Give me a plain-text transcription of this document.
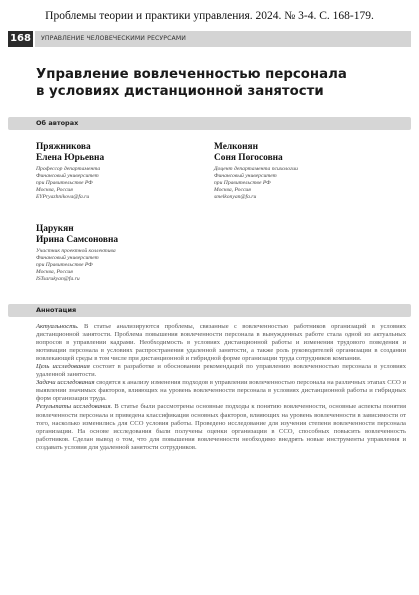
Проблемы теории и практики управления. 2024. № 3-4. С. 168-179.
168	УПРАВЛЕНИЕ ЧЕЛОВЕЧЕСКИМИ РЕСУРСАМИ
Управление вовлеченностью персонала
в условиях дистанционной занятости
Об авторах
Пряжникова
Елена Юрьевна
Профессор департамента
Финансовый университет
при Правительстве РФ
Москва, Россия
EYPryazhnikova@fa.ru
Мелконян
Соня Погосовна
Доцент департамента психологии
Финансовый университет
при Правительстве РФ
Москва, Россия
smelkonyan@fa.ru
Царукян
Ирина Самсоновна
Участник проектной коллектива
Финансовый университет
при Правительстве РФ
Москва, Россия
ISTsarukyan@fa.ru
Аннотация

Актуальность. В статье анализируются проблемы, связанные с вовлеченностью работников организаций в условиях дистанционной занятости. Проблема повышения вовлеченности персонала в вынужденных работе стала одной из актуальных вопросов в управлении кадрами. Необходимость в условиях дистанционной работы и изменения трудового поведения и мотивации персонала в условиях распространения удаленной занятости, а также роль руководителей организации в создании вовлекающей среды в том числе при дистанционной и гибридной форме организации труда сотрудников компании.

Цель исследования состоит в разработке и обосновании рекомендаций по управлению вовлеченностью персонала в условиях удаленной занятости.

Задачи исследования сводятся к анализу изменения подходов в управлении вовлеченностью персонала на различных этапах ССО и выявлении значимых факторов, влияющих на уровень вовлеченности персонала в условиях дистанционной работы и гибридных форм организации труда.

Результаты исследования. В статье были рассмотрены основные подходы к понятию вовлеченности, основные аспекты понятия вовлеченности персонала и приведена классификация основных факторов, влияющих на уровень вовлеченности в зависимости от того, насколько изменились для ССО условия работы. Проведено исследование для изучения степени вовлеченности персонала организации. На основе исследования были получены оценки организации в ССО, способных повысить вовлеченность работников. Сделан вывод о том, что для повышения вовлеченности необходимо внедрять новые инструменты управления и создавать условия для удаленной занятости сотрудников.
